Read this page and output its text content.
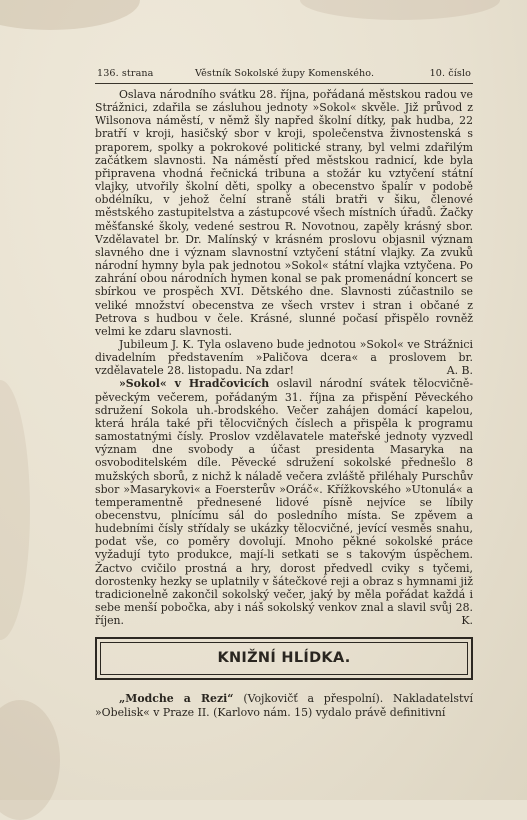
136. strana	Věstník Sokolské župy Komenského.	10. číslo

Oslava národního svátku 28. října, pořádaná městskou radou ve Strážnici, zdařila se zásluhou jednoty »Sokol« skvěle. Již průvod z Wilsonova náměstí, v němž šly napřed školní dítky, pak hudba, 22 bratří v kroji, hasičský sbor v kroji, společenstva živnostenská s praporem, spolky a pokrokové politické strany, byl velmi zdařilým začátkem slavnosti. Na náměstí před městskou radnicí, kde byla připravena vhodná řečnická tribuna a stožár ku vztyčení státní vlajky, utvořily školní děti, spolky a obecenstvo špalír v podobě obdélníku, v jehož čelní straně stáli bratři v šiku, členové městského zastupitelstva a zástupcové všech místních úřadů. Žačky měšťanské školy, vedené sestrou R. Novotnou, zapěly krásný sbor. Vzdělavatel br. Dr. Malínský v krásném proslovu objasnil význam slavného dne i význam slavnostní vztyčení státní vlajky. Za zvuků národní hymny byla pak jednotou »Sokol« státní vlajka vztyčena. Po zahrání obou národních hymen konal se pak promenádní koncert se sbírkou ve prospěch XVI. Dětského dne. Slavnosti zúčastnilo se veliké množství obecenstva ze všech vrstev i stran i občané z Petrova s hudbou v čele. Krásné, slunné počasí přispělo rovněž velmi ke zdaru slavnosti.

Jubileum J. K. Tyla oslaveno bude jednotou »Sokol« ve Strážnici divadelním představením »Paličova dcera« a proslovem br. vzdělavatele 28. listopadu. Na zdar!	A. B.

»Sokol« v Hradčovicích oslavil národní svátek tělocvičně-pěveckým večerem, pořádaným 31. října za přispění Pěveckého sdružení Sokola uh.-brodského. Večer zahájen domácí kapelou, která hrála také při tělocvičných číslech a přispěla k programu samostatnými čísly. Proslov vzdělavatele mateřské jednoty vyzvedl význam dne svobody a účast presidenta Masaryka na osvoboditelském díle. Pěvecké sdružení sokolské přednešlo 8 mužských sborů, z nichž k náladě večera zvláště přiléhaly Purschův sbor »Masarykovi« a Foersterův »Oráč«. Křížkovského »Utonulá« a temperamentně přednesené lidové písně nejvíce se líbily obecenstvu, plnícímu sál do posledního místa. Se zpěvem a hudebními čísly střídaly se ukázky tělocvičné, jevící vesměs snahu, podat vše, co poměry dovolují. Mnoho pěkné sokolské práce vyžadují tyto produkce, mají-li setkati se s takovým úspěchem. Žactvo cvičilo prostná a hry, dorost předvedl cviky s tyčemi, dorostenky hezky se uplatnily v šátečkové reji a obraz s hymnami již tradicionelně zakončil sokolský večer, jaký by měla pořádat každá i sebe menší pobočka, aby i náš sokolský venkov znal a slavil svůj 28. říjen.	K.

KNIŽNÍ HLÍDKA.

„Modche a Rezi“ (Vojkovičť a přespolní). Nakladatelství »Obelisk« v Praze II. (Karlovo nám. 15) vydalo právě definitivní
